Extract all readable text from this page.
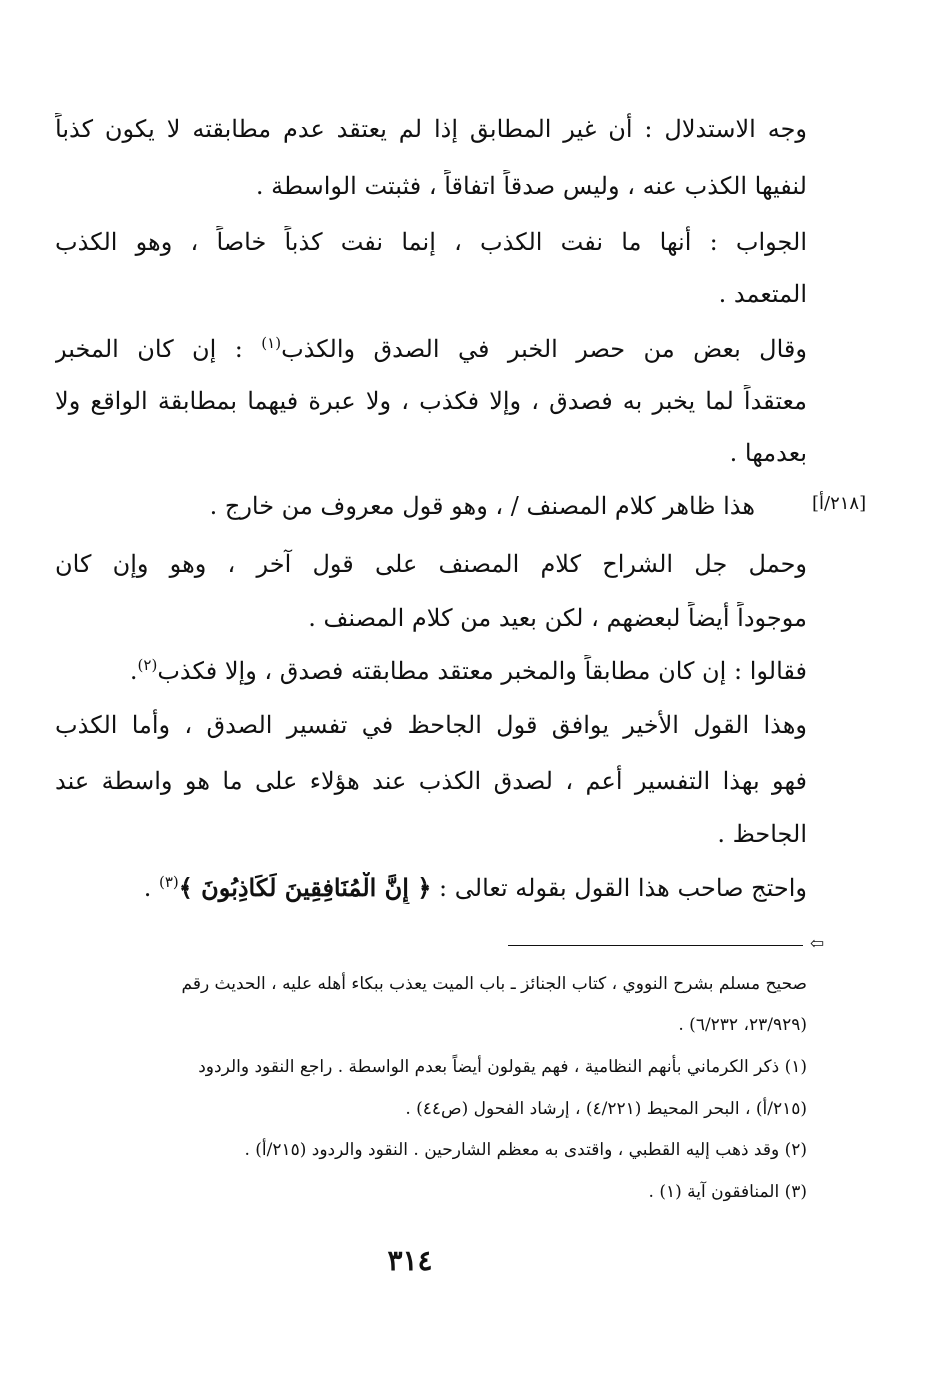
وجه الاستدلال : أن غير المطابق إذا لم يعتقد عدم مطابقته لا يكون كذباً
لنفيها الكذب عنه ، وليس صدقاً اتفاقاً ، فثبتت الواسطة .
الجواب : أنها ما نفت الكذب ، إنما نفت كذباً خاصاً ، وهو الكذب
المتعمد .
وقال بعض من حصر الخبر في الصدق والكذب$^{(١)}$ : إن كان المخبر
معتقداً لما يخبر به فصدق ، وإلا فكذب ، ولا عبرة فيهما بمطابقة الواقع ولا
بعدمها .
هذا ظاهر كلام المصنف / ، وهو قول معروف من خارج .	[٢١٨/أ]
وحمل جل الشراح كلام المصنف على قول آخر ، وهو وإن كان
موجوداً أيضاً لبعضهم ، لكن بعيد من كلام المصنف .
فقالوا : إن كان مطابقاً والمخبر معتقد مطابقته فصدق ، وإلا فكذب$^{(٢)}$.
وهذا القول الأخير يوافق قول الجاحظ في تفسير الصدق ، وأما الكذب
فهو بهذا التفسير أعم ، لصدق الكذب عند هؤلاء على ما هو واسطة عند
الجاحظ .
واحتج صاحب هذا القول بقوله تعالى : ﴿ إِنَّ الْمُنَافِقِينَ لَكَاذِبُونَ ﴾$^{(٣)}$ .
⇦
صحيح مسلم بشرح النووي ، كتاب الجنائز ـ باب الميت يعذب ببكاء أهله عليه ، الحديث رقم
(٢٣/٩٢٩، ٦/٢٣٢) .
(١) ذكر الكرماني بأنهم النظامية ، فهم يقولون أيضاً بعدم الواسطة . راجع النقود والردود
(٢١٥/أ) ، البحر المحيط (٤/٢٢١) ، إرشاد الفحول (ص٤٤) .
(٢) وقد ذهب إليه القطبي ، واقتدى به معظم الشارحين . النقود والردود (٢١٥/أ) .
(٣) المنافقون آية (١) .
٣١٤
